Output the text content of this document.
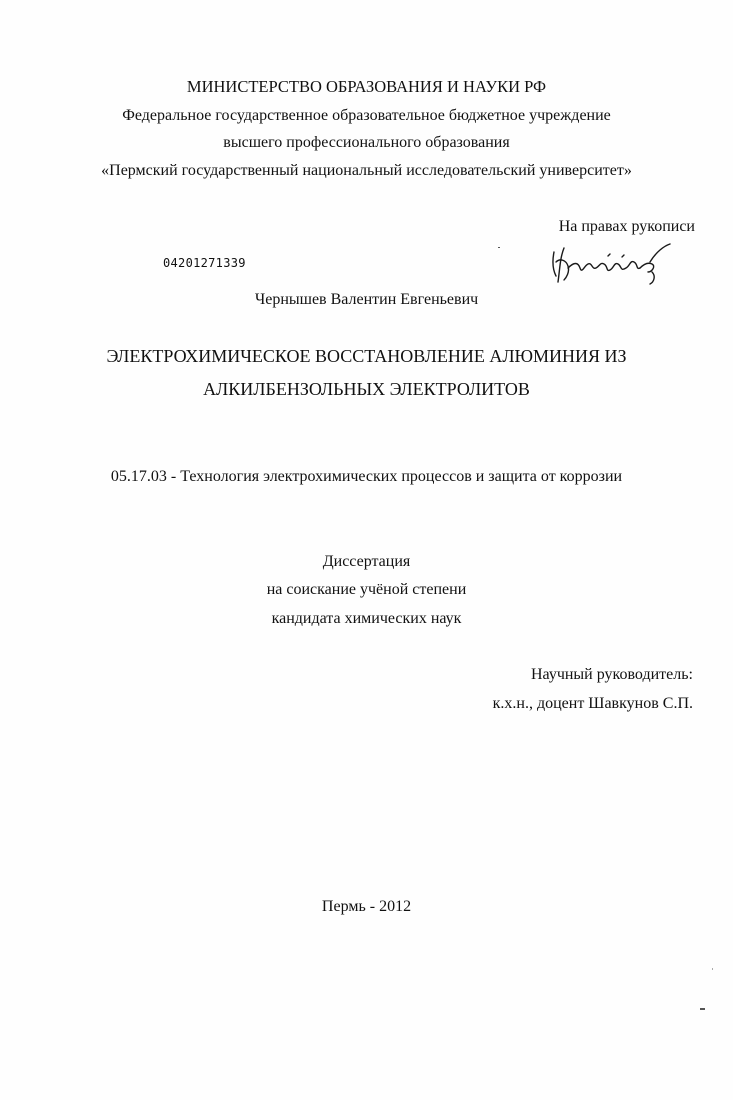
МИНИСТЕРСТВО ОБРАЗОВАНИЯ И НАУКИ РФ
Федеральное государственное образовательное бюджетное учреждение
высшего профессионального образования
«Пермский государственный национальный исследовательский университет»
На правах рукописи
04201271339
Чернышев Валентин Евгеньевич
ЭЛЕКТРОХИМИЧЕСКОЕ ВОССТАНОВЛЕНИЕ АЛЮМИНИЯ ИЗ
АЛКИЛБЕНЗОЛЬНЫХ ЭЛЕКТРОЛИТОВ
05.17.03 - Технология электрохимических процессов и защита от коррозии
Диссертация
на соискание учёной степени
кандидата химических наук
Научный руководитель:
к.х.н., доцент Шавкунов С.П.
Пермь - 2012
